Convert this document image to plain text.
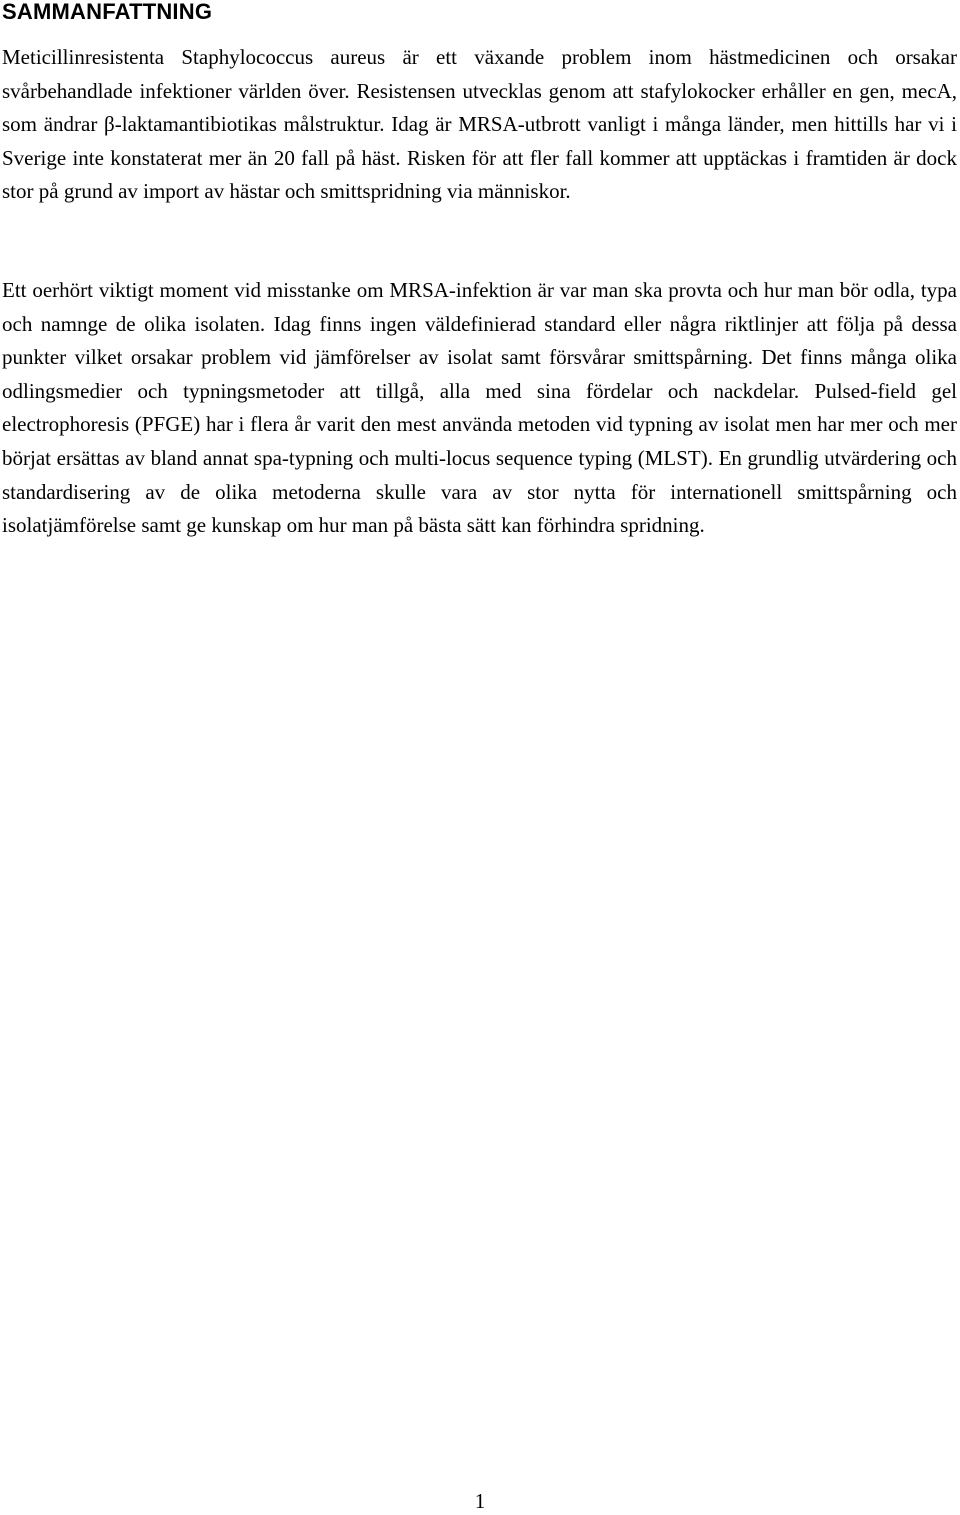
SAMMANFATTNING

Meticillinresistenta Staphylococcus aureus är ett växande problem inom hästmedicinen och orsakar svårbehandlade infektioner världen över. Resistensen utvecklas genom att stafylokocker erhåller en gen, mecA, som ändrar β-laktamantibiotikas målstruktur. Idag är MRSA-utbrott vanligt i många länder, men hittills har vi i Sverige inte konstaterat mer än 20 fall på häst. Risken för att fler fall kommer att upptäckas i framtiden är dock stor på grund av import av hästar och smittspridning via människor.

Ett oerhört viktigt moment vid misstanke om MRSA-infektion är var man ska provta och hur man bör odla, typa och namnge de olika isolaten. Idag finns ingen väldefinierad standard eller några riktlinjer att följa på dessa punkter vilket orsakar problem vid jämförelser av isolat samt försvårar smittspårning. Det finns många olika odlingsmedier och typningsmetoder att tillgå, alla med sina fördelar och nackdelar. Pulsed-field gel electrophoresis (PFGE) har i flera år varit den mest använda metoden vid typning av isolat men har mer och mer börjat ersättas av bland annat spa-typning och multi-locus sequence typing (MLST). En grundlig utvärdering och standardisering av de olika metoderna skulle vara av stor nytta för internationell smittspårning och isolatjämförelse samt ge kunskap om hur man på bästa sätt kan förhindra spridning.

1
